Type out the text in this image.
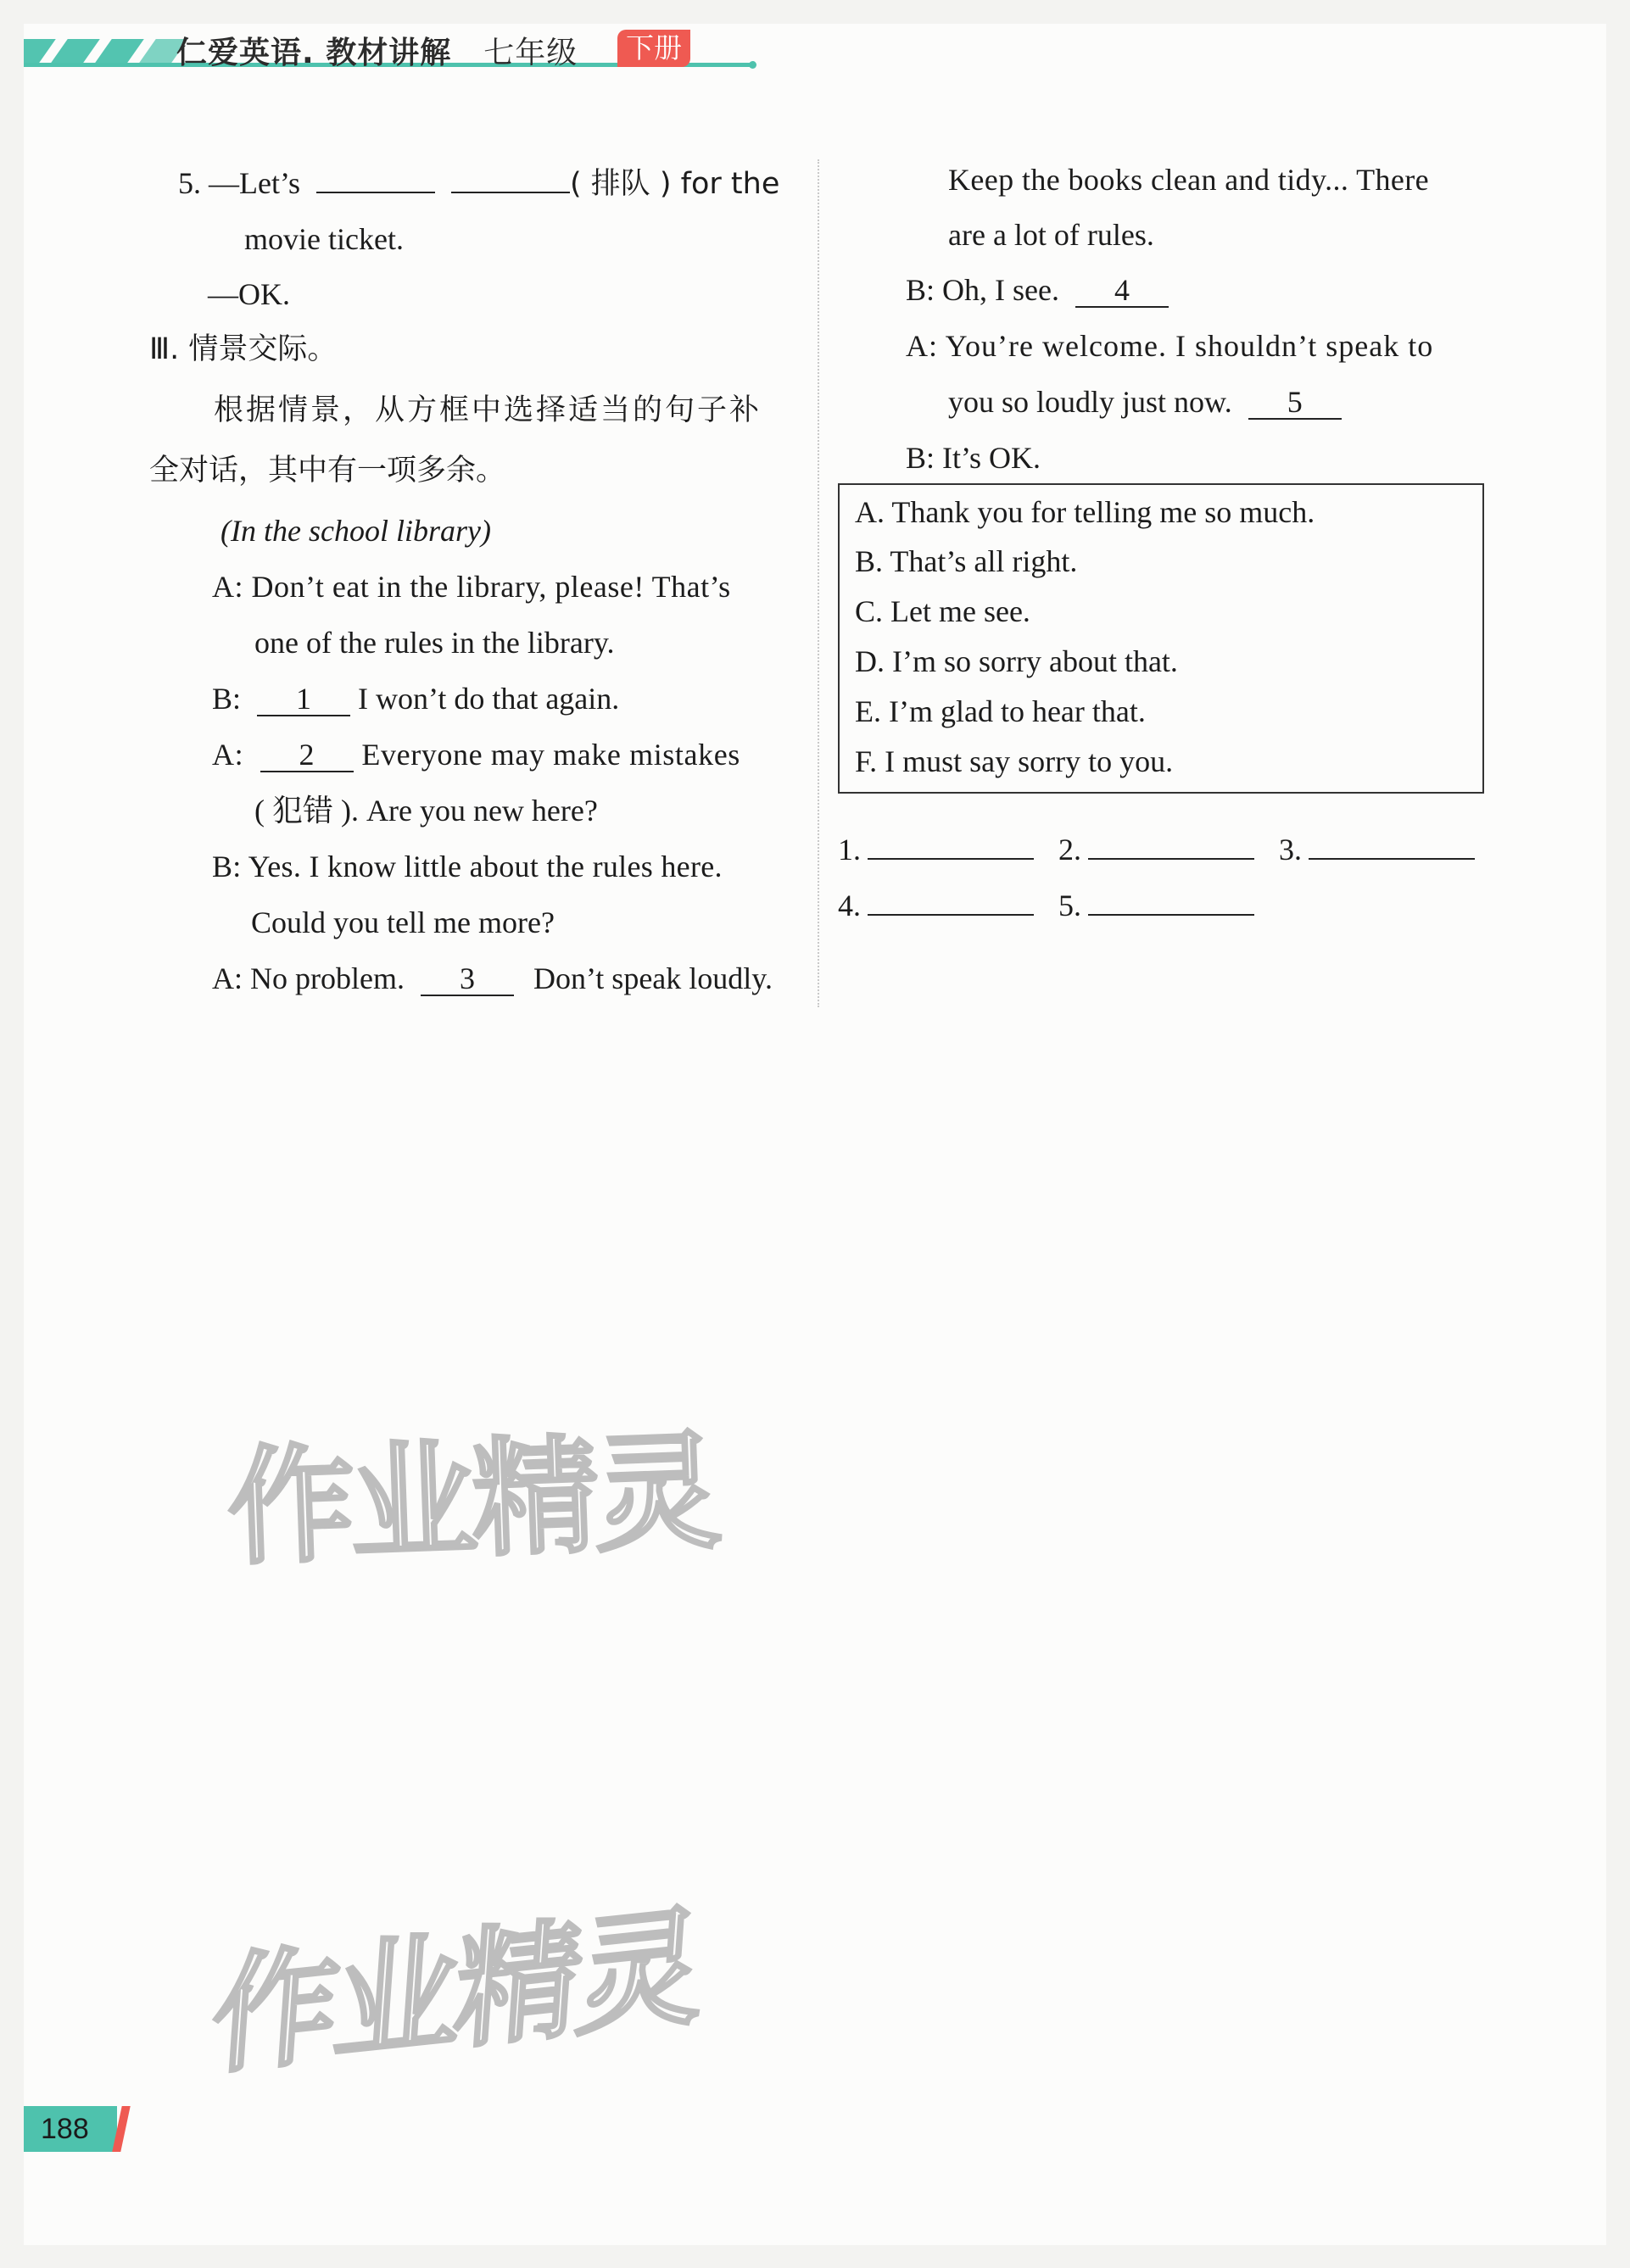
仁爱英语. 教材讲解 七年级	下册
5. —Let’s	( 排队 ) for the
movie ticket.
—OK.
Ⅲ. 情景交际。
根据情景，从方框中选择适当的句子补
全对话，其中有一项多余。
(In the school library)
A: Don’t eat in the library, please! That’s
one of the rules in the library.
B: 1 I won’t do that again.
A: 2 Everyone may make mistakes
( 犯错 ). Are you new here?
B: Yes. I know little about the rules here.
Could you tell me more?
A: No problem. 3 Don’t speak loudly.
Keep the books clean and tidy... There
are a lot of rules.
B: Oh, I see. 4
A: You’re welcome. I shouldn’t speak to
you so loudly just now. 5
B: It’s OK.
A. Thank you for telling me so much.
B. That’s all right.
C. Let me see.
D. I’m so sorry about that.
E. I’m glad to hear that.
F. I must say sorry to you.
1.	2.	3.
4.	5.
作业精灵
作业精灵
188
